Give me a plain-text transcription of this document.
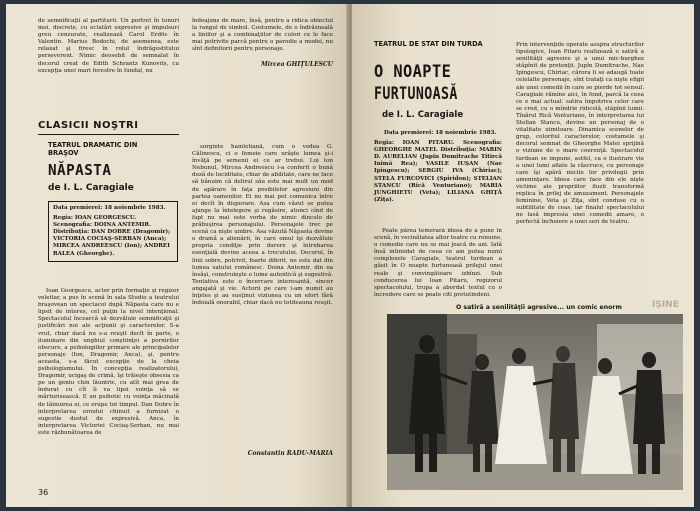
de semnificaţii al partiturii. Un portret în tonuri moi, discrete, cu eclatări expresive şi impulsuri greu cenzurate, realizează Carol Erdös în Valentin. Marius Bodochi, de asemenea, este relaxat şi firesc în rolul îndrăgostitului perseverent. Nimic deosebit de semnalat în decorul creat de Edith Schrantz Kunovits, cu excepţia unei mari ferestre în fundal, nu

îndeajuns de mare, însă, pentru a ridica obiectul la rangul de simbol. Costumele, de o îndrăzneală a liniilor şi a combinaţiilor de culori ce le face mai potrivite parcă pentru o parodie a modei, nu sînt definitorii pentru personaje.

Mircea GHIŢULESCU
CLASICII NOŞTRI
TEATRUL DRAMATIC DIN BRAŞOV
NĂPASTA
de I. L. Caragiale
Data premierei: 18 noiembrie 1983.
Regia: IOAN GEORGESCU. Scenografia: DOINA ANTEMIR. Distribuţia: DAN DOBRE (Dragomir); VICTORIA COCIAŞ-SERBAN (Anca); MIRCEA ANDREESCU (Ion); ANDREI RALEA (Gheorghe).

Ioan Georgescu, actor prin formaţie şi regizor veleitar, a pus în scenă în sala Studio a teatrului braşovean un spectacol după Năpasta care nu e lipsit de interes, cel puţin la nivel intenţional. Spectacolul încearcă să dezvăluie semnificaţii şi justificări noi ale acţiunii şi caracterelor. S-a vrut, chiar dacă nu s-a reuşit decît în parte, o iluminare din unghiul conştiinţei a pornirilor obscure, a psihologiilor primare ale principalelor personaje (Ion, Dragomir, Anca), şi, pentru aceasta, s-a făcut excepţie de la cheia psihologismului. În concepţia realizatorului, Dragomir, ucigaş de crimă, îşi trăieşte obsesia ca pe un geniu chin lăuntric, cu atît mai grea de îndurat cu cît îi va lipsi voinţa să se mărturisească. E un psihotic cu voinţa măcinată de tăinuirea ei, ce erupe tot timpul. Dan Dobre în interpretarea eroului chinuit a furnizat o sugestie destul de expresivă. Anca, în interpretarea Victoriei Cociaş-Serban, nu mai este răzbunătoarea de

sorginte hamletiană, cum o vedea G. Călinescu, ci o femeie care urăşte lumea şi-i învăţă pe semenii ei ce ar trebui. Lui Ion Nebunul, Mircea Andreescu i-a conferit o bună dozã de luciditate, chiar de abilitate, care ne face să bănuim că delirul său este mai mult un mod de apărare în faţa posibilelor agresiuni din partea oamenilor. Ei nu mai pot comunica între ei decît în disperare. Asa cum văzut se putea ajunge la întelegere şi regăsire, atunci cînd de fapt nu mai este vorba de nimic dincolo de prăbuşirea personajului. Personajele trec pe scenă ca nişte umbre. Asa văzută Năpasta devine o dramă a alienării, în care omul îşi dezvăluie propria condiţie prin durere şi întrebarea esenţială devine aceea a trecutului. Decorul, în linii sobre, potrivit, foarte diferit, ne este dat din lumea satului românesc. Doina Antemir, din ea însăşi, construieşte o lume autentică şi sugestivă. Tentativa este o încercare interesantă, sincer angajată şi vie. Actorii pe care i-am numit au înţeles şi au susţinut viziunea cu un efort fără îndoială onorabil, chiar dacă nu totdeauna reuşit.

Constantin RADU-MARIA
36
TEATRUL DE STAT DIN TURDA
O NOAPTE
FURTUNOASĂ
de I. L. Caragiale
Data premierei: 18 noiembrie 1983.
Regia: IOAN PITARU. Scenografia: GHEORGHE MATEI. Distribuţia: MARIN D. AURELIAN (Jupîn Dumitrache Titircă Inimă Rea); VASILE IUŞAN (Nae Ipingescu); SERGIU IVA (Chiriac); STELA FURCOVICI (Spiridon); STELIAN STANCU (Rică Venturiano); MARIA JUNGHIETU (Veta); LILIANA GHIŢĂ (Ziţa).

Poate părea temerară ideea de a pune în scenă, în vecinătatea altor teatre cu renume, o comedie care nu se mai joacă de ani. Iată însă intimidat de ceea ce am putea numi complexele Caragiale, teatrul turdean a găsit în O noapte furtunoasă prilejul unei reale şi convingătoare izbînzi. Sub conducerea lui Ioan Pitaru, regizorul spectacolului, trupa a abordat textul cu o încredere care se poate citi pretutindeni.

Prin intervenţiile operate asupra structurilor tipologice, Ioan Pitaru realizează o satiră a senilităţii agresive şi a unui mic-burghez stăpînit de pretenţii. Jupîn Dumitrache, Nae Ipingescu, Chiriac, cărora li se adaugă toate celelalte personaje, sînt trataţi ca nişte efigii ale unei comedii în care se pierde tot sensul. Caragiale rămîne aici, în fond, parcă la ceea ce e mai actual: satira împotriva celor care se cred, cu o mîndrie ridicolă, stăpînii lumii. Tînărul Rică Venturiano, în interpretarea lui Stelian Stancu, devine un personaj de o vitalitate uimitoare. Dinamica scenelor de grup, coloritul caracterelor, costumele şi decorul semnat de Gheorghe Matei sprijină o viziune de o mare coerenţă. Spectacolul turdean se impune, astfel, ca o ilustrare vie a unei lumi aflate la răscruce, cu personaje care îşi apără micile lor privilegii prin ameninţare. Ideea care face din ele nişte victime ale propriilor iluzii transformă replica în prilej de amuzament. Personajele feminine, Veta şi Ziţa, sînt conduse cu o subtilitate de ceas, iar finalul spectacolului ne lasă impresia unei comedii amare, o perfectă încheiere a unei seri de teatru.

O satiră a senilităţii agresive... un comic enorm	IŞINE
